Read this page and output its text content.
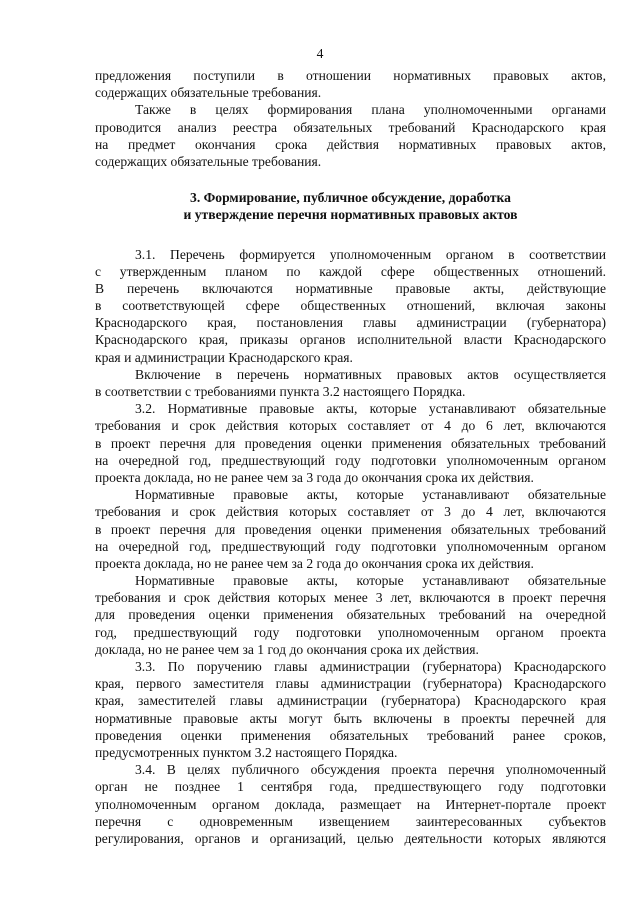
4
предложения поступили в отношении нормативных правовых актов,
содержащих обязательные требования.
Также в целях формирования плана уполномоченными органами
проводится анализ реестра обязательных требований Краснодарского края
на предмет окончания срока действия нормативных правовых актов,
содержащих обязательные требования.
3. Формирование, публичное обсуждение, доработка
и утверждение перечня нормативных правовых актов
3.1. Перечень формируется уполномоченным органом в соответствии
с утвержденным планом по каждой сфере общественных отношений.
В перечень включаются нормативные правовые акты, действующие
в соответствующей сфере общественных отношений, включая законы
Краснодарского края, постановления главы администрации (губернатора)
Краснодарского края, приказы органов исполнительной власти Краснодарского
края и администрации Краснодарского края.
Включение в перечень нормативных правовых актов осуществляется
в соответствии с требованиями пункта 3.2 настоящего Порядка.
3.2. Нормативные правовые акты, которые устанавливают обязательные
требования и срок действия которых составляет от 4 до 6 лет, включаются
в проект перечня для проведения оценки применения обязательных требований
на очередной год, предшествующий году подготовки уполномоченным органом
проекта доклада, но не ранее чем за 3 года до окончания срока их действия.
Нормативные правовые акты, которые устанавливают обязательные
требования и срок действия которых составляет от 3 до 4 лет, включаются
в проект перечня для проведения оценки применения обязательных требований
на очередной год, предшествующий году подготовки уполномоченным органом
проекта доклада, но не ранее чем за 2 года до окончания срока их действия.
Нормативные правовые акты, которые устанавливают обязательные
требования и срок действия которых менее 3 лет, включаются в проект перечня
для проведения оценки применения обязательных требований на очередной
год, предшествующий году подготовки уполномоченным органом проекта
доклада, но не ранее чем за 1 год до окончания срока их действия.
3.3. По поручению главы администрации (губернатора) Краснодарского
края, первого заместителя главы администрации (губернатора) Краснодарского
края, заместителей главы администрации (губернатора) Краснодарского края
нормативные правовые акты могут быть включены в проекты перечней для
проведения оценки применения обязательных требований ранее сроков,
предусмотренных пунктом 3.2 настоящего Порядка.
3.4. В целях публичного обсуждения проекта перечня уполномоченный
орган не позднее 1 сентября года, предшествующего году подготовки
уполномоченным органом доклада, размещает на Интернет-портале проект
перечня с одновременным извещением заинтересованных субъектов
регулирования, органов и организаций, целью деятельности которых являются
